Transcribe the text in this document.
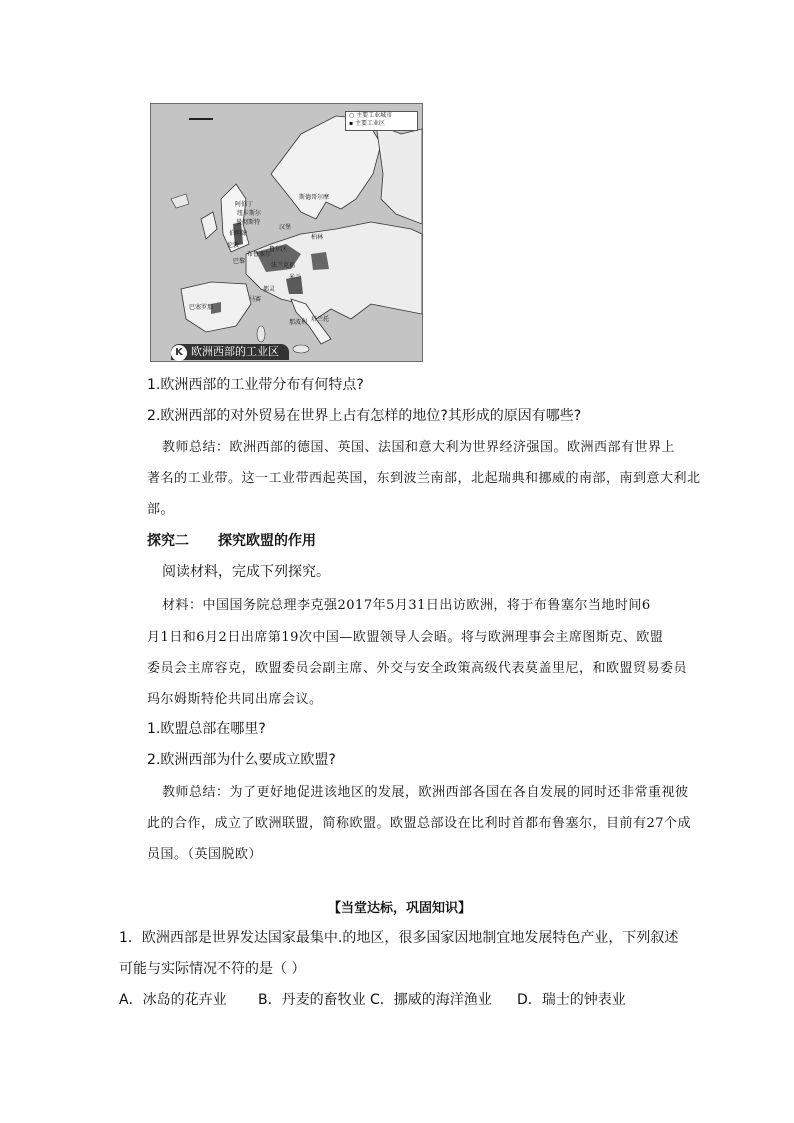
○ 主要工业城市
▪ 主要工业区
斯德哥尔摩
阿伯丁
纽卡斯尔
曼彻斯特
伯明翰
伦敦
鲁尔区
巴黎
汉堡
柏林
布鲁塞尔
法兰克福
米兰
都灵
马赛
巴塞罗那
那波利 塔兰托
K 欧洲西部的工业区
1.欧洲西部的工业带分布有何特点?
2.欧洲西部的对外贸易在世界上占有怎样的地位?其形成的原因有哪些?
教师总结：欧洲西部的德国、英国、法国和意大利为世界经济强国。欧洲西部有世界上
著名的工业带。这一工业带西起英国，东到波兰南部，北起瑞典和挪威的南部，南到意大利北
部。
探究二 探究欧盟的作用
阅读材料，完成下列探究。
材料：中国国务院总理李克强2017年5月31日出访欧洲，将于布鲁塞尔当地时间6
月1日和6月2日出席第19次中国—欧盟领导人会晤。将与欧洲理事会主席图斯克、欧盟
委员会主席容克，欧盟委员会副主席、外交与安全政策高级代表莫盖里尼，和欧盟贸易委员
玛尔姆斯特伦共同出席会议。
1.欧盟总部在哪里?
2.欧洲西部为什么要成立欧盟?
教师总结：为了更好地促进该地区的发展，欧洲西部各国在各自发展的同时还非常重视彼
此的合作，成立了欧洲联盟，简称欧盟。欧盟总部设在比利时首都布鲁塞尔，目前有27个成
员国。（英国脱欧）
【当堂达标，巩固知识】
1．欧洲西部是世界发达国家最集中.的地区，很多国家因地制宜地发展特色产业，下列叙述
可能与实际情况不符的是（ ）
A．冰岛的花卉业 B．丹麦的畜牧业 C．挪威的海洋渔业 D．瑞士的钟表业
